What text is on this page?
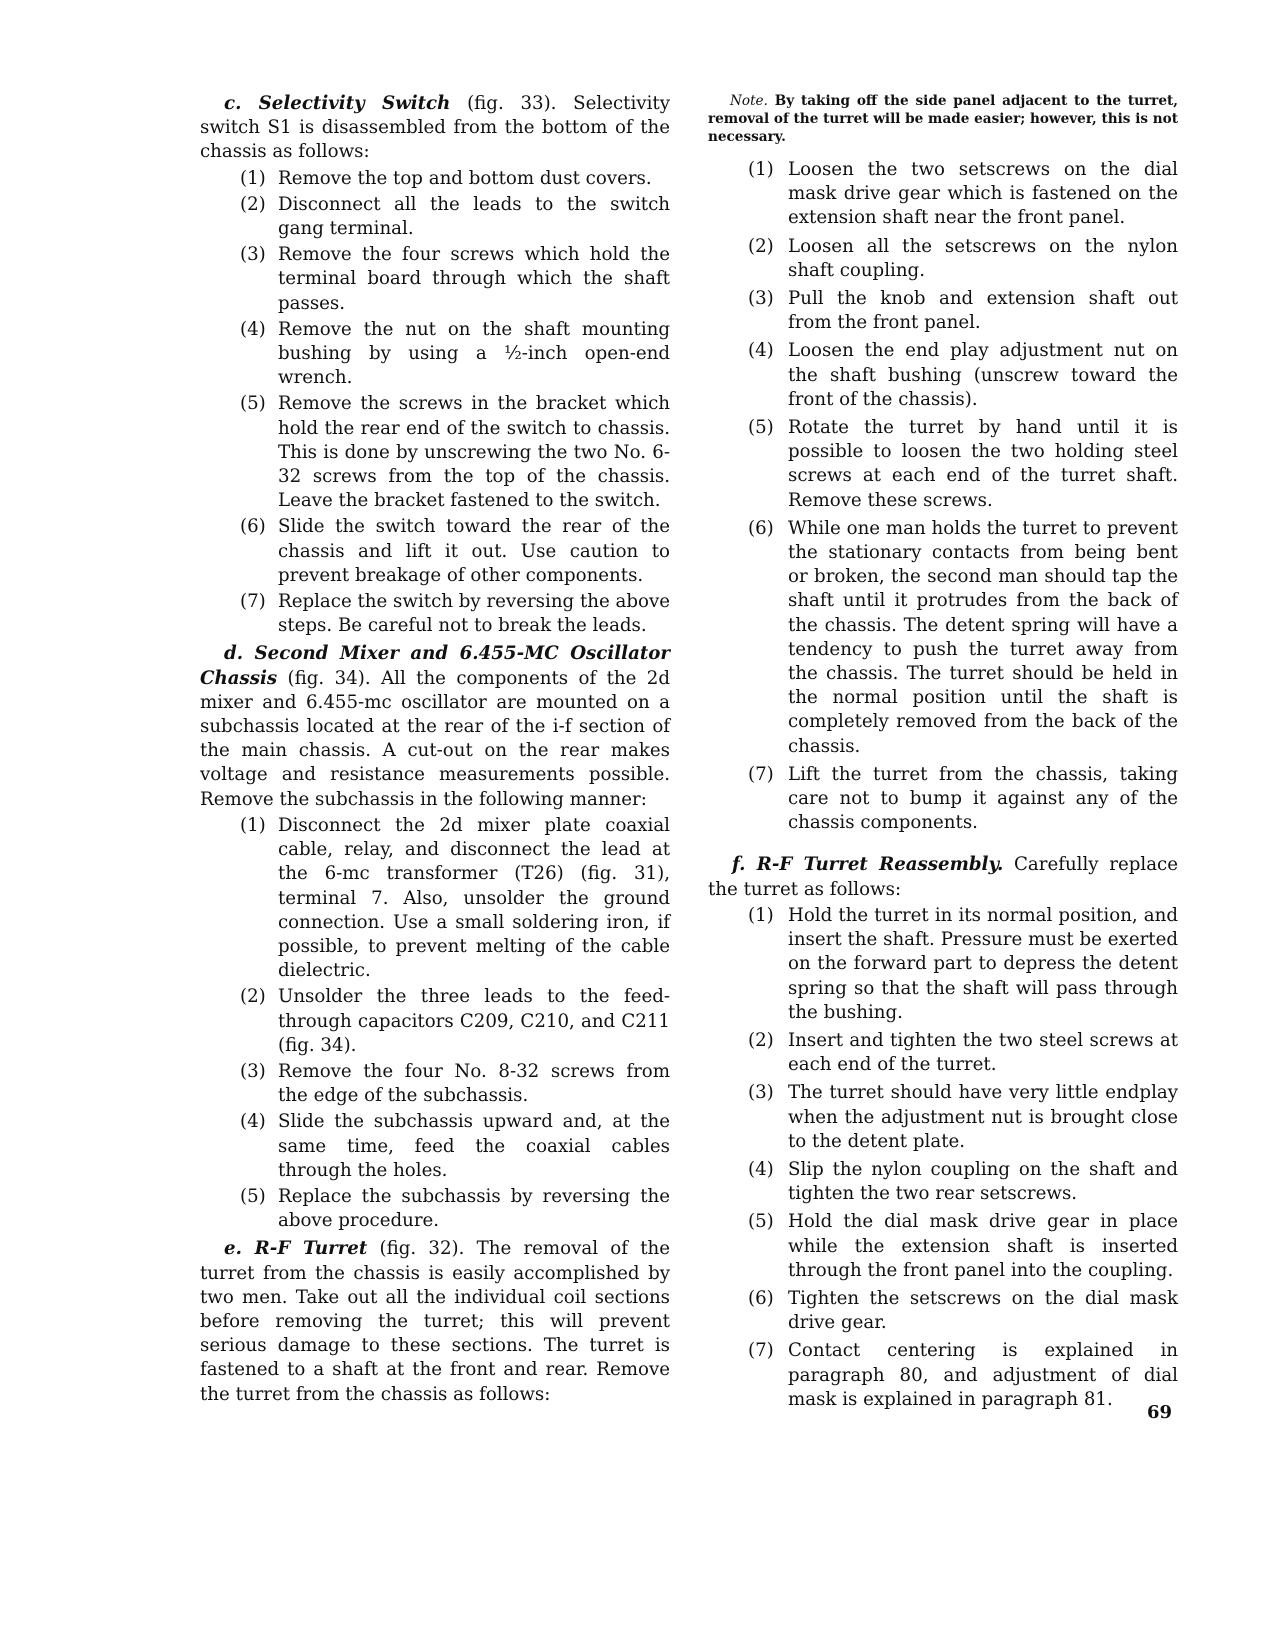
c. Selectivity Switch (fig. 33). Selectivity switch S1 is disassembled from the bottom of the chassis as follows:

(1) Remove the top and bottom dust covers.
(2) Disconnect all the leads to the switch gang terminal.
(3) Remove the four screws which hold the terminal board through which the shaft passes.
(4) Remove the nut on the shaft mounting bushing by using a ½-inch open-end wrench.
(5) Remove the screws in the bracket which hold the rear end of the switch to chassis. This is done by unscrewing the two No. 6-32 screws from the top of the chassis. Leave the bracket fastened to the switch.
(6) Slide the switch toward the rear of the chassis and lift it out. Use caution to prevent breakage of other components.
(7) Replace the switch by reversing the above steps. Be careful not to break the leads.

d. Second Mixer and 6.455-MC Oscillator Chassis (fig. 34). All the components of the 2d mixer and 6.455-mc oscillator are mounted on a subchassis located at the rear of the i-f section of the main chassis. A cut-out on the rear makes voltage and resistance measurements possible. Remove the subchassis in the following manner:

(1) Disconnect the 2d mixer plate coaxial cable, relay, and disconnect the lead at the 6-mc transformer (T26) (fig. 31), terminal 7. Also, unsolder the ground connection. Use a small soldering iron, if possible, to prevent melting of the cable dielectric.
(2) Unsolder the three leads to the feed-through capacitors C209, C210, and C211 (fig. 34).
(3) Remove the four No. 8-32 screws from the edge of the subchassis.
(4) Slide the subchassis upward and, at the same time, feed the coaxial cables through the holes.
(5) Replace the subchassis by reversing the above procedure.

e. R-F Turret (fig. 32). The removal of the turret from the chassis is easily accomplished by two men. Take out all the individual coil sections before removing the turret; this will prevent serious damage to these sections. The turret is fastened to a shaft at the front and rear. Remove the turret from the chassis as follows:

Note. By taking off the side panel adjacent to the turret, removal of the turret will be made easier; however, this is not necessary.

(1) Loosen the two setscrews on the dial mask drive gear which is fastened on the extension shaft near the front panel.
(2) Loosen all the setscrews on the nylon shaft coupling.
(3) Pull the knob and extension shaft out from the front panel.
(4) Loosen the end play adjustment nut on the shaft bushing (unscrew toward the front of the chassis).
(5) Rotate the turret by hand until it is possible to loosen the two holding steel screws at each end of the turret shaft. Remove these screws.
(6) While one man holds the turret to prevent the stationary contacts from being bent or broken, the second man should tap the shaft until it protrudes from the back of the chassis. The detent spring will have a tendency to push the turret away from the chassis. The turret should be held in the normal position until the shaft is completely removed from the back of the chassis.
(7) Lift the turret from the chassis, taking care not to bump it against any of the chassis components.

f. R-F Turret Reassembly. Carefully replace the turret as follows:

(1) Hold the turret in its normal position, and insert the shaft. Pressure must be exerted on the forward part to depress the detent spring so that the shaft will pass through the bushing.
(2) Insert and tighten the two steel screws at each end of the turret.
(3) The turret should have very little endplay when the adjustment nut is brought close to the detent plate.
(4) Slip the nylon coupling on the shaft and tighten the two rear setscrews.
(5) Hold the dial mask drive gear in place while the extension shaft is inserted through the front panel into the coupling.
(6) Tighten the setscrews on the dial mask drive gear.
(7) Contact centering is explained in paragraph 80, and adjustment of dial mask is explained in paragraph 81.
69
